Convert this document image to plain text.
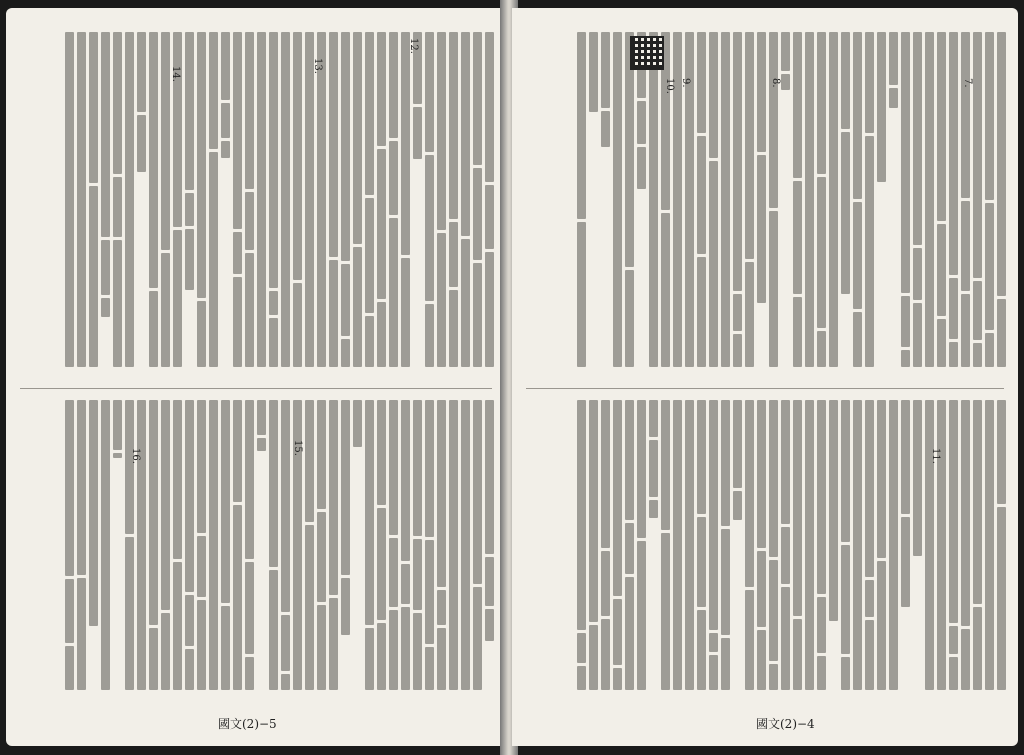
12.
13.
14.
15.
16.
國文(2)−5
7.
8.
9.
10.
11.
國文(2)−4
